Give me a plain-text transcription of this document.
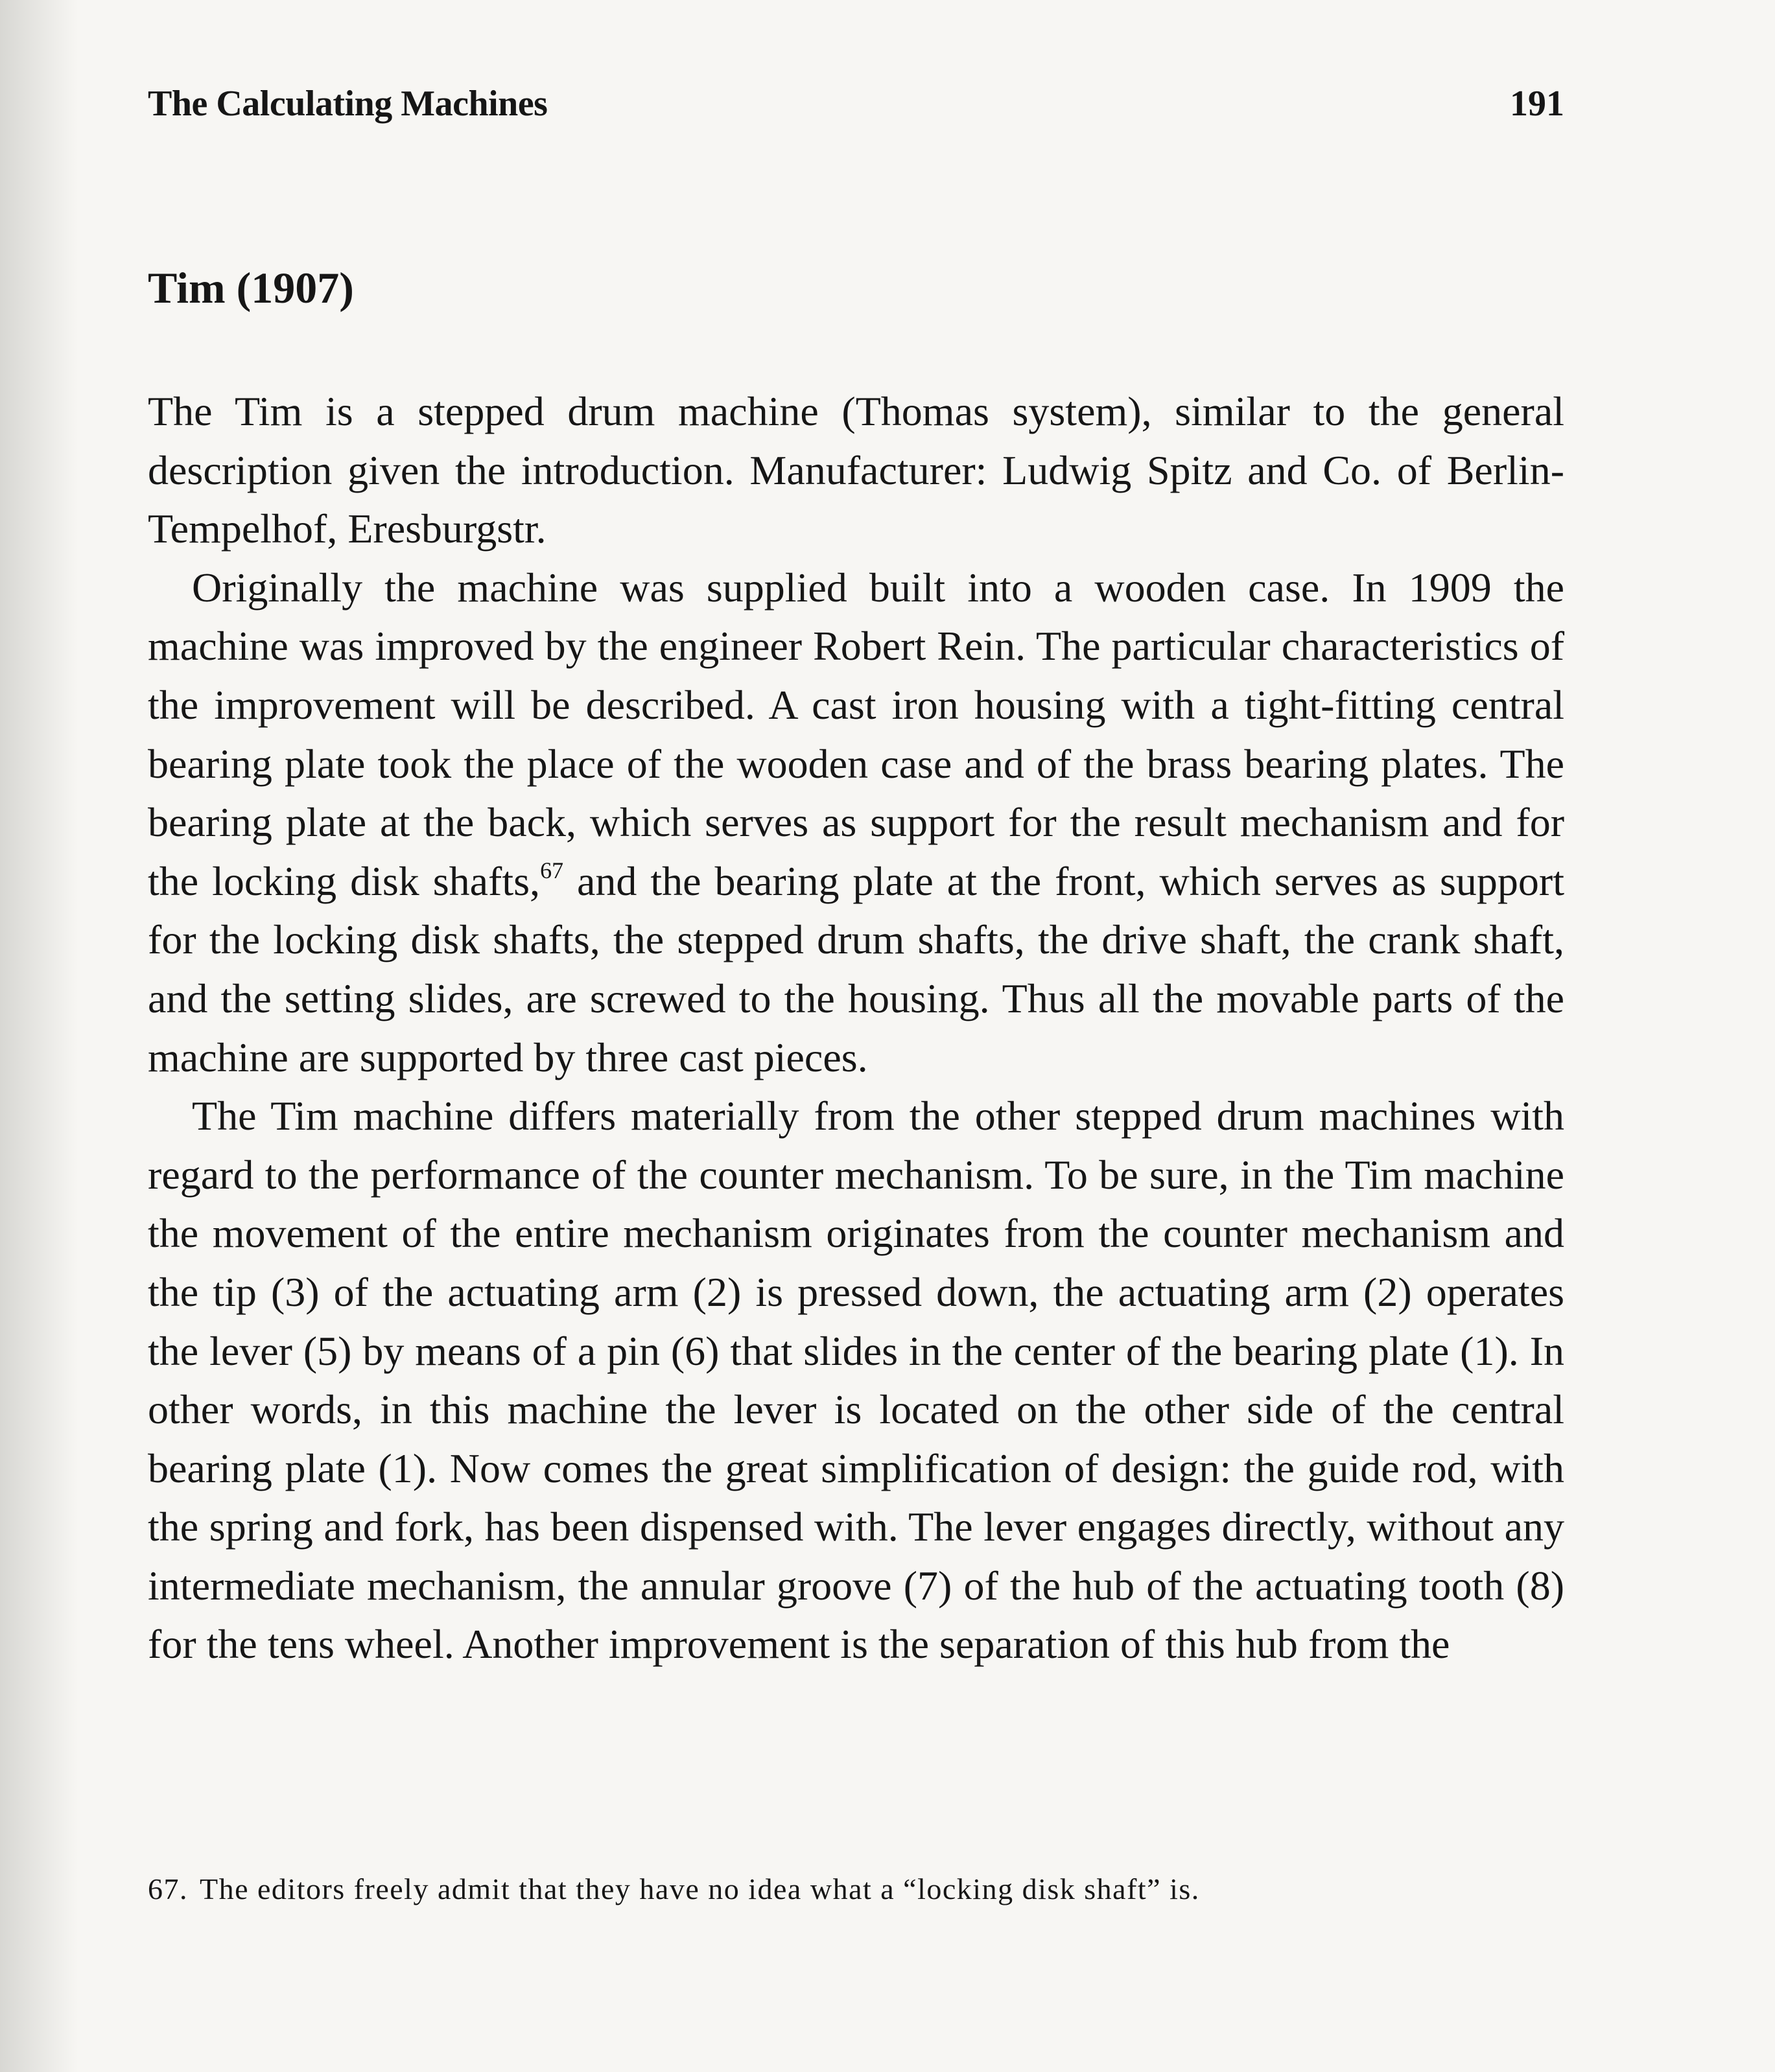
The Calculating Machines	191
Tim (1907)

The Tim is a stepped drum machine (Thomas system), similar to the general description given the introduction. Manufacturer: Ludwig Spitz and Co. of Berlin-Tempelhof, Eresburgstr.

Originally the machine was supplied built into a wooden case. In 1909 the machine was improved by the engineer Robert Rein. The particular characteristics of the improvement will be described. A cast iron housing with a tight-fitting central bearing plate took the place of the wooden case and of the brass bearing plates. The bearing plate at the back, which serves as support for the result mechanism and for the locking disk shafts,$^{67}$ and the bearing plate at the front, which serves as support for the locking disk shafts, the stepped drum shafts, the drive shaft, the crank shaft, and the setting slides, are screwed to the housing. Thus all the movable parts of the machine are supported by three cast pieces.

The Tim machine differs materially from the other stepped drum machines with regard to the performance of the counter mechanism. To be sure, in the Tim machine the movement of the entire mechanism originates from the counter mechanism and the tip (3) of the actuating arm (2) is pressed down, the actuating arm (2) operates the lever (5) by means of a pin (6) that slides in the center of the bearing plate (1). In other words, in this machine the lever is located on the other side of the central bearing plate (1). Now comes the great simplification of design: the guide rod, with the spring and fork, has been dispensed with. The lever engages directly, without any intermediate mechanism, the annular groove (7) of the hub of the actuating tooth (8) for the tens wheel. Another improvement is the separation of this hub from the

67. The editors freely admit that they have no idea what a “locking disk shaft” is.
